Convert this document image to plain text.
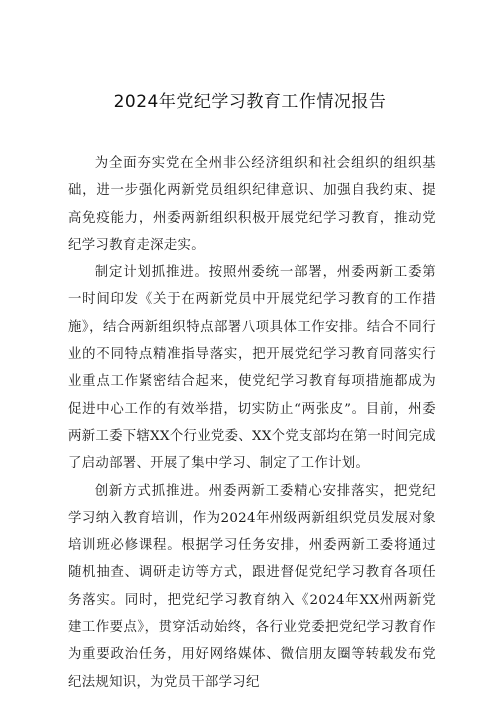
2024年党纪学习教育工作情况报告

为全面夯实党在全州非公经济组织和社会组织的组织基础，进一步强化两新党员组织纪律意识、加强自我约束、提高免疫能力，州委两新组织积极开展党纪学习教育，推动党纪学习教育走深走实。

制定计划抓推进。按照州委统一部署，州委两新工委第一时间印发《关于在两新党员中开展党纪学习教育的工作措施》，结合两新组织特点部署八项具体工作安排。结合不同行业的不同特点精准指导落实，把开展党纪学习教育同落实行业重点工作紧密结合起来，使党纪学习教育每项措施都成为促进中心工作的有效举措，切实防止“两张皮”。目前，州委两新工委下辖XX个行业党委、XX个党支部均在第一时间完成了启动部署、开展了集中学习、制定了工作计划。

创新方式抓推进。州委两新工委精心安排落实，把党纪学习纳入教育培训，作为2024年州级两新组织党员发展对象培训班必修课程。根据学习任务安排，州委两新工委将通过随机抽查、调研走访等方式，跟进督促党纪学习教育各项任务落实。同时，把党纪学习教育纳入《2024年XX州两新党建工作要点》，贯穿活动始终，各行业党委把党纪学习教育作为重要政治任务，用好网络媒体、微信朋友圈等转载发布党纪法规知识，为党员干部学习纪
